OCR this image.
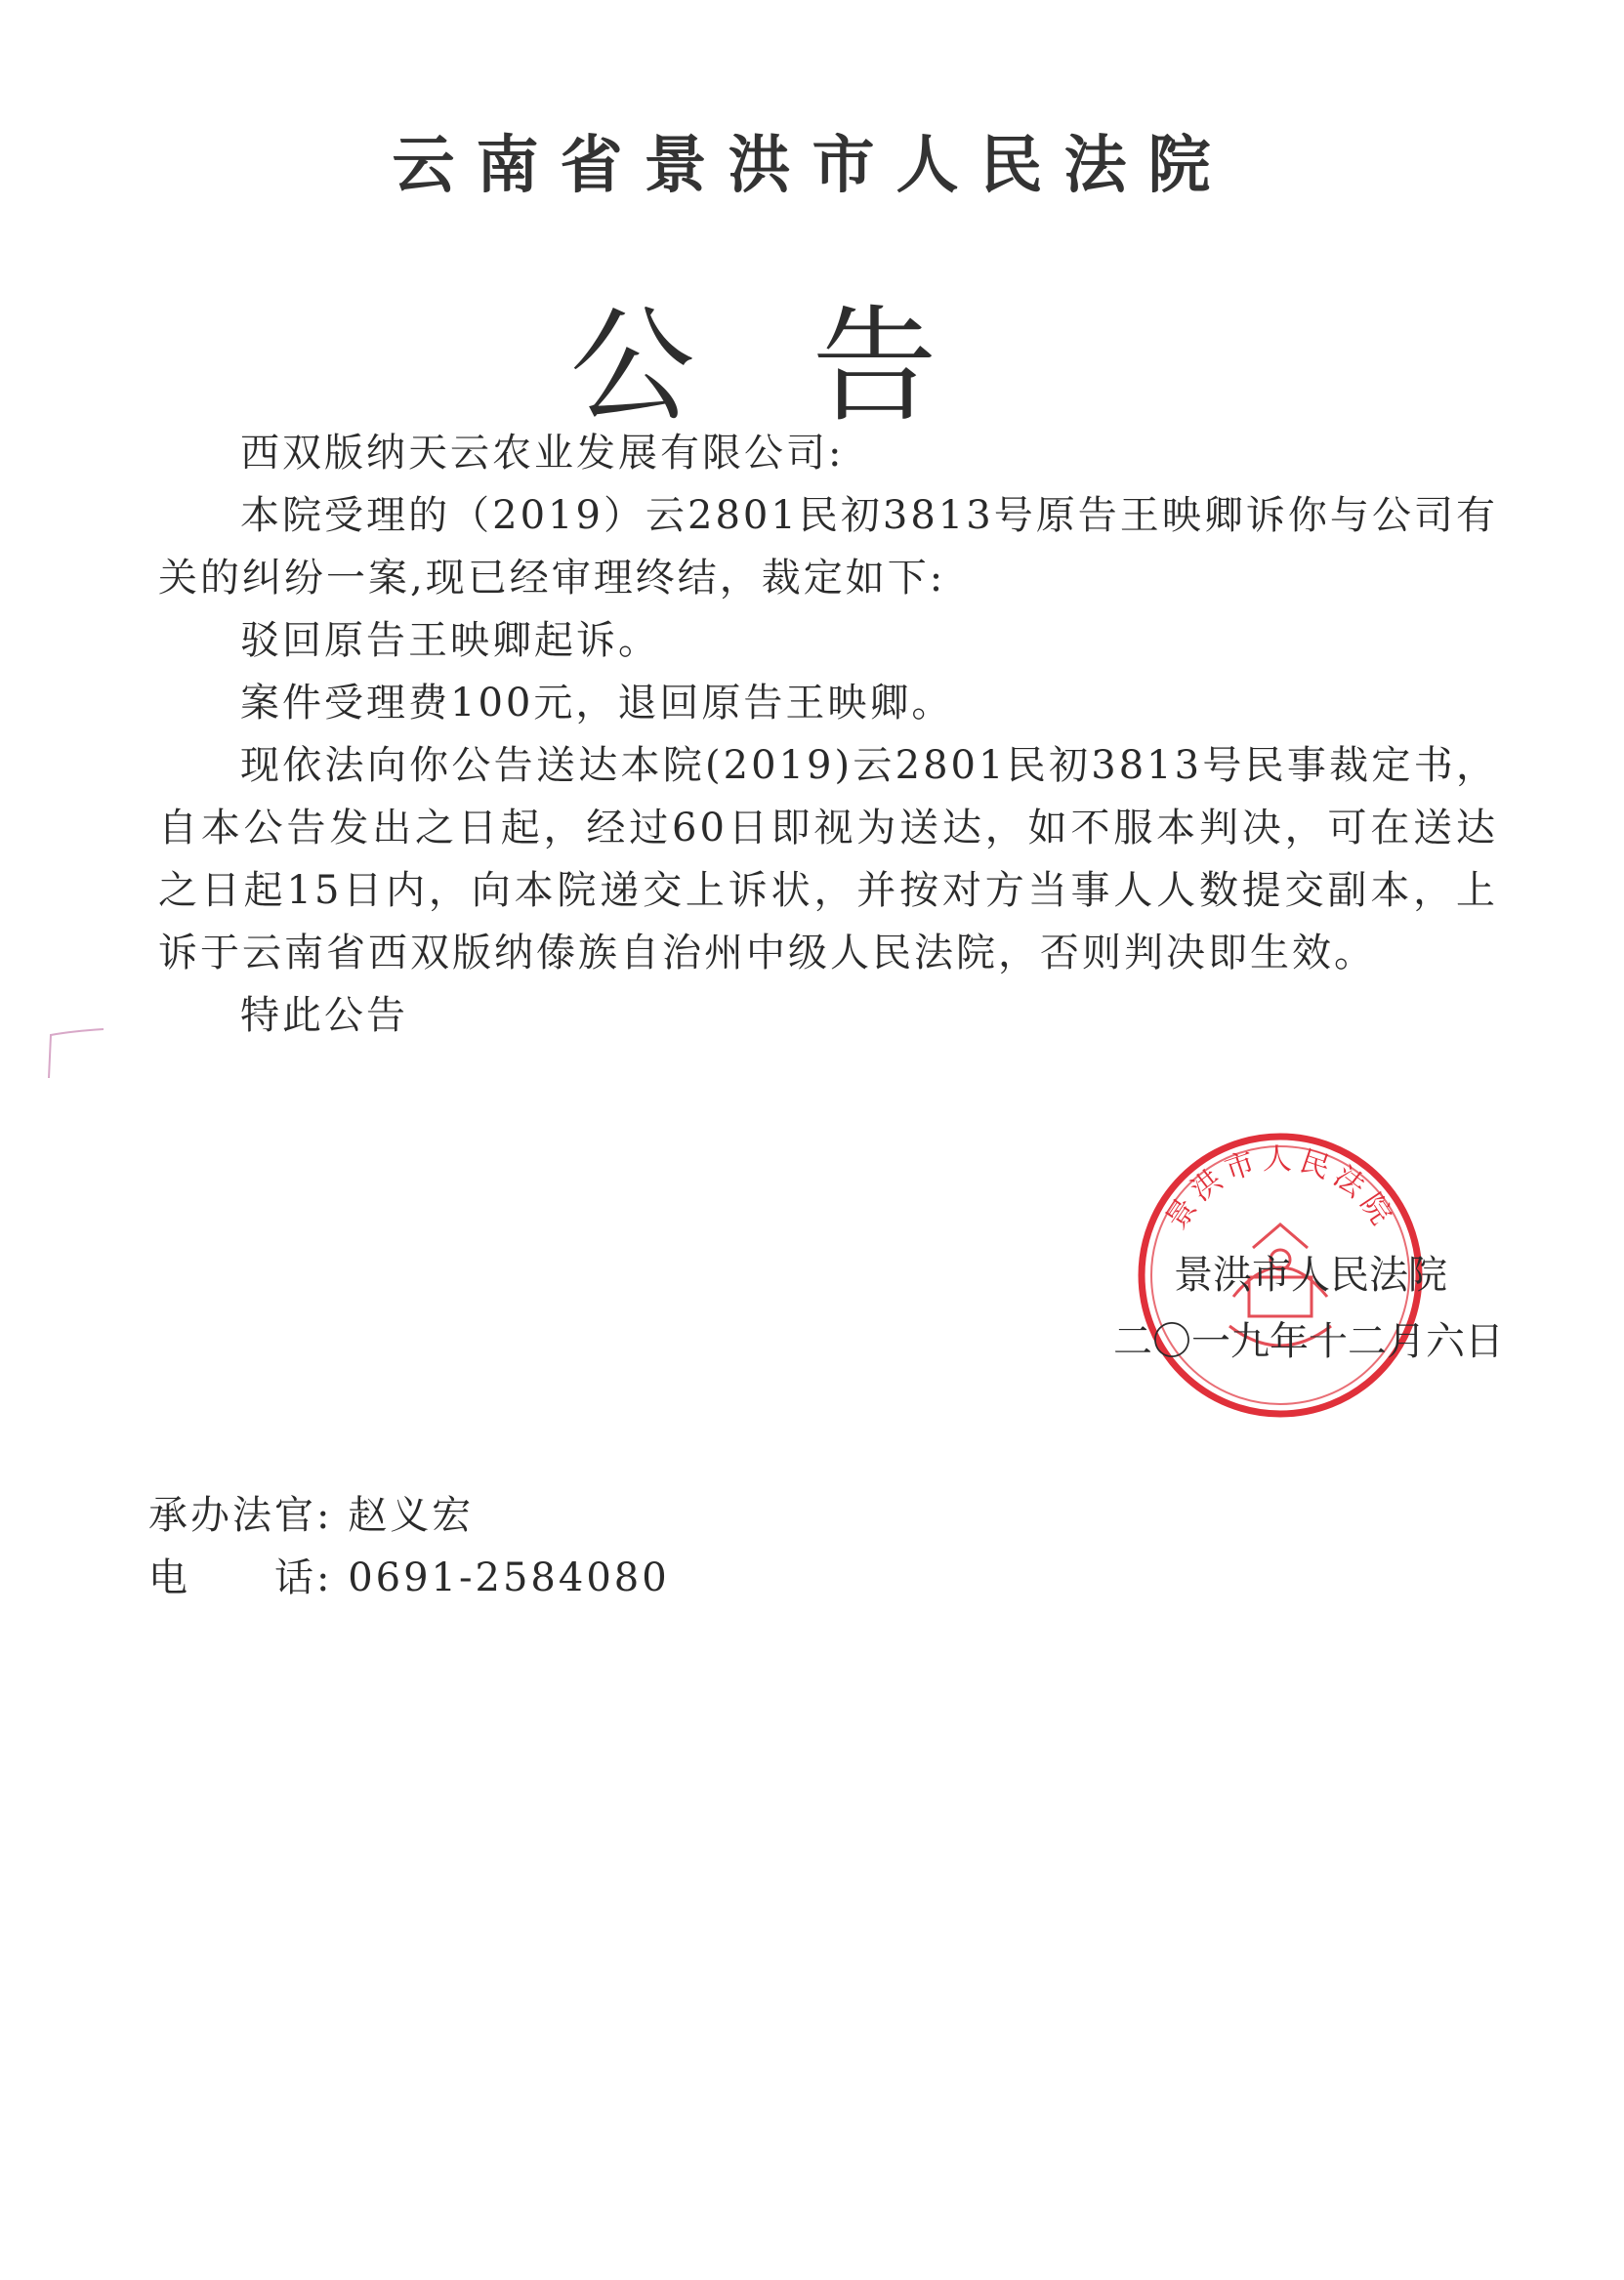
云南省景洪市人民法院
公告

西双版纳天云农业发展有限公司:

本院受理的（2019）云2801民初3813号原告王映卿诉你与公司有关的纠纷一案,现已经审理终结，裁定如下:

驳回原告王映卿起诉。

案件受理费100元，退回原告王映卿。

现依法向你公告送达本院(2019)云2801民初3813号民事裁定书，自本公告发出之日起，经过60日即视为送达，如不服本判决，可在送达之日起15日内，向本院递交上诉状，并按对方当事人人数提交副本，上诉于云南省西双版纳傣族自治州中级人民法院，否则判决即生效。

特此公告

景洪市人民法院
景洪市人民法院
二〇一九年十二月六日
承办法官: 赵义宏
电　　话: 0691-2584080
